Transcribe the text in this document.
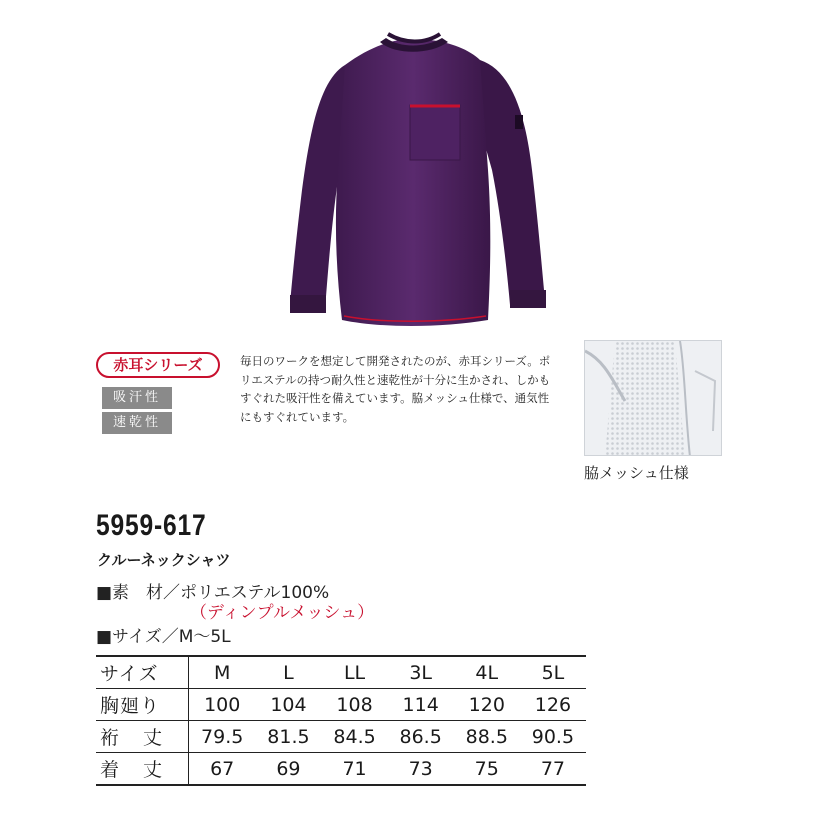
赤耳シリーズ
吸汗性
速乾性
毎日のワークを想定して開発されたのが、赤耳シリーズ。ポリエステルの持つ耐久性と速乾性が十分に生かされ、しかもすぐれた吸汗性を備えています。脇メッシュ仕様で、通気性にもすぐれています。
脇メッシュ仕様
5959-617
クルーネックシャツ
■素　材／ポリエステル100%
（ディンプルメッシュ）
■サイズ／M〜5L
サイズ	M	L	LL	3L	4L	5L
胸廻り	100	104	108	114	120	126
裄丈	79.5	81.5	84.5	86.5	88.5	90.5
着丈	67	69	71	73	75	77
